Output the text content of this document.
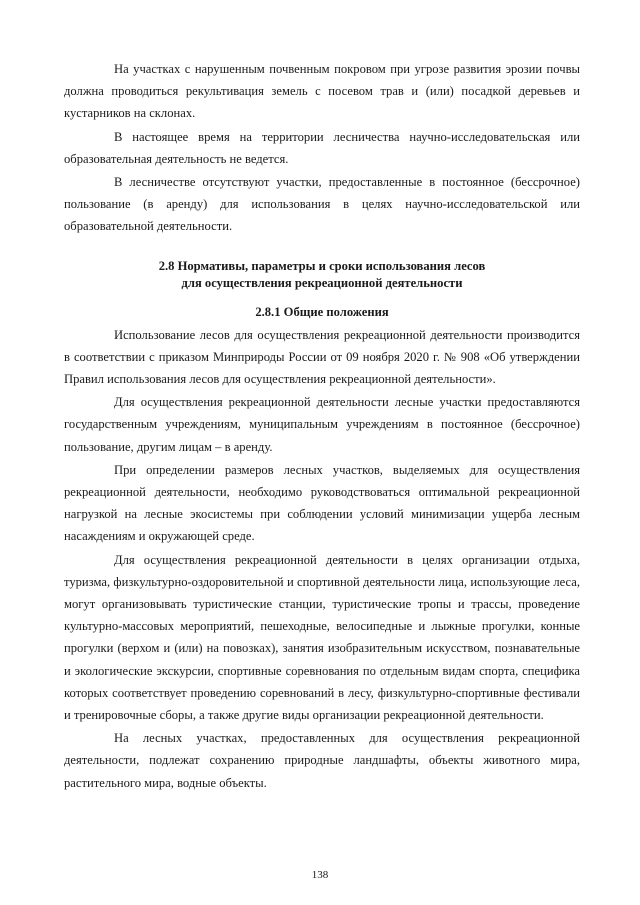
На участках с нарушенным почвенным покровом при угрозе развития эрозии почвы должна проводиться рекультивация земель с посевом трав и (или) посадкой деревьев и кустарников на склонах.

В настоящее время на территории лесничества научно-исследовательская или образовательная деятельность не ведется.

В лесничестве отсутствуют участки, предоставленные в постоянное (бессрочное) пользование (в аренду) для использования в целях научно-исследовательской или образовательной деятельности.

2.8 Нормативы, параметры и сроки использования лесов

для осуществления рекреационной деятельности

2.8.1 Общие положения

Использование лесов для осуществления рекреационной деятельности производится в соответствии с приказом Минприроды России от 09 ноября 2020 г. № 908 «Об утверждении Правил использования лесов для осуществления рекреационной деятельности».

Для осуществления рекреационной деятельности лесные участки предоставляются государственным учреждениям, муниципальным учреждениям в постоянное (бессрочное) пользование, другим лицам – в аренду.

При определении размеров лесных участков, выделяемых для осуществления рекреационной деятельности, необходимо руководствоваться оптимальной рекреационной нагрузкой на лесные экосистемы при соблюдении условий минимизации ущерба лесным насаждениям и окружающей среде.

Для осуществления рекреационной деятельности в целях организации отдыха, туризма, физкультурно-оздоровительной и спортивной деятельности лица, использующие леса, могут организовывать туристические станции, туристические тропы и трассы, проведение культурно-массовых мероприятий, пешеходные, велосипедные и лыжные прогулки, конные прогулки (верхом и (или) на повозках), занятия изобразительным искусством, познавательные и экологические экскурсии, спортивные соревнования по отдельным видам спорта, специфика которых соответствует проведению соревнований в лесу, физкультурно-спортивные фестивали и тренировочные сборы, а также другие виды организации рекреационной деятельности.

На лесных участках, предоставленных для осуществления рекреационной деятельности, подлежат сохранению природные ландшафты, объекты животного мира, растительного мира, водные объекты.

138
